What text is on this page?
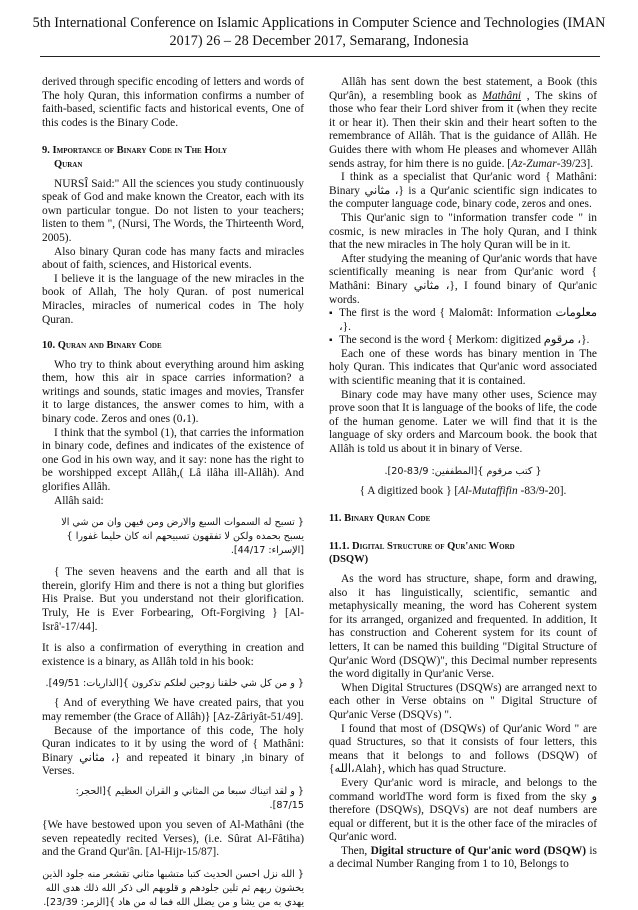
5th International Conference on Islamic Applications in Computer Science and Technologies (IMAN
2017) 26 – 28 December 2017, Semarang, Indonesia

derived through specific encoding of letters and words of The holy Quran, this information confirms a number of faith-based, scientific facts and historical events, One of this codes is the Binary Code.

9. Importance of Binary Code in The Holy
Quran

NURSÎ Said:" All the sciences you study continuously speak of God and make known the Creator, each with its own particular tongue. Do not listen to your teachers; listen to them ", (Nursi, The Words, the Thirteenth Word, 2005).

Also binary Quran code has many facts and miracles about of faith, sciences, and Historical events.

I believe it is the language of the new miracles in the book of Allah, The holy Quran. of post numerical Miracles, miracles of numerical codes in The holy Quran.

10. Quran and Binary Code

Who try to think about everything around him asking them, how this air in space carries information? a writings and sounds, static images and movies, Transfer it to large distances, the answer comes to him, with a binary code. Zeros and ones (0،1).

I think that the symbol (1), that carries the information in binary code, defines and indicates of the existence of one God in his own way, and it say: none has the right to be worshipped except Allâh,( Lâ ilâha ill-Allâh). And glorifies Allâh.

Allâh said:

{ تسبح له السموات السبع والارض ومن فيهن وان من شي الا يسبح بحمده ولكن لا تفقهون تسبيحهم انه كان حليما غفورا }[الإسراء: 44/17].

{ The seven heavens and the earth and all that is therein, glorify Him and there is not a thing but glorifies His Praise. But you understand not their glorification. Truly, He is Ever Forbearing, Oft-Forgiving } [Al-Isrâ'-17/44].

It is also a confirmation of everything in creation and existence is a binary, as Allâh told in his book:

{ و من كل شي خلقنا زوجين لعلكم تذكرون }[الذاريات: 49/51].

{ And of everything We have created pairs, that you may remember (the Grace of Allâh)} [Az-Zâriyât-51/49].

Because of the importance of this code, The holy Quran indicates to it by using the word of { Mathâni: Binary مثاني ،} and repeated it binary ,in binary of Verses.

{ و لقد اتيناك سبعا من المثاني و القران العظيم }[الحجر: 87/15].

{We have bestowed upon you seven of Al-Mathâni (the seven repeatedly recited Verses), (i.e. Sûrat Al-Fâtiha) and the Grand Qur'ân. [Al-Hijr-15/87].

{ الله نزل احسن الحديث كتبا متشبها مثاني تقشعر منه جلود الذين يخشون ربهم ثم تلين جلودهم و قلوبهم الى ذكر الله ذلك هدى الله يهدي به من يشا و من يضلل الله فما له من هاد }[الزمر: 23/39].

Allâh has sent down the best statement, a Book (this Qur'ân), a resembling book as Mathâni , The skins of those who fear their Lord shiver from it (when they recite it or hear it). Then their skin and their heart soften to the remembrance of Allâh. That is the guidance of Allâh. He Guides there with whom He pleases and whomever Allâh sends astray, for him there is no guide. [Az-Zumar-39/23].

I think as a specialist that Qur'anic word { Mathâni: Binary مثاني ،} is a Qur'anic scientific sign indicates to the computer language code, binary code, zeros and ones.

This Qur'anic sign to "information transfer code " in cosmic, is new miracles in The holy Quran, and I think that the new miracles in The holy Quran will be in it.

After studying the meaning of Qur'anic words that have scientifically meaning is near from Qur'anic word { Mathâni: Binary مثاني ،}, I found binary of Qur'anic words.

▪ The first is the word { Malomât: Information معلومات ،}.
▪ The second is the word { Merkom: digitized مرقوم ،}.

Each one of these words has binary mention in The holy Quran. This indicates that Qur'anic word associated with scientific meaning that it is contained.

Binary code may have many other uses, Science may prove soon that It is language of the books of life, the code of the human genome. Later we will find that it is the language of sky orders and Marcoum book. the book that Allâh is told us about it in binary of Verse.

{ كتب مرقوم }[المطففين: 83/9-20].

{ A digitized book } [Al-Mutaffifin -83/9-20].

11. Binary Quran Code

11.1. Digital Structure of Qur'anic Word
(DSQW)

As the word has structure, shape, form and drawing, also it has linguistically, scientific, semantic and metaphysically meaning, the word has Coherent system for its arranged, organized and frequented. In addition, It has construction and Coherent system for its count of letters, It can be named this building "Digital Structure of Qur'anic Word (DSQW)", this Decimal number represents the word digitally in Qur'anic Verse.

When Digital Structures (DSQWs) are arranged next to each other in Verse obtains on " Digital Structure of Qur'anic Verse (DSQVs) ".

I found that most of (DSQWs) of Qur'anic Word " are quad Structures, so that it consists of four letters, this means that it belongs to and follows (DSQW) of {الله،Alah}, which has quad Structure.

Every Qur'anic word is miracle, and belongs to the command worldThe word form is fixed from the sky و therefore (DSQWs), DSQVs) are not deaf numbers are equal or different, but it is the other face of the miracles of Qur'anic word.

Then, Digital structure of Qur'anic word (DSQW) is a decimal Number Ranging from 1 to 10, Belongs to
